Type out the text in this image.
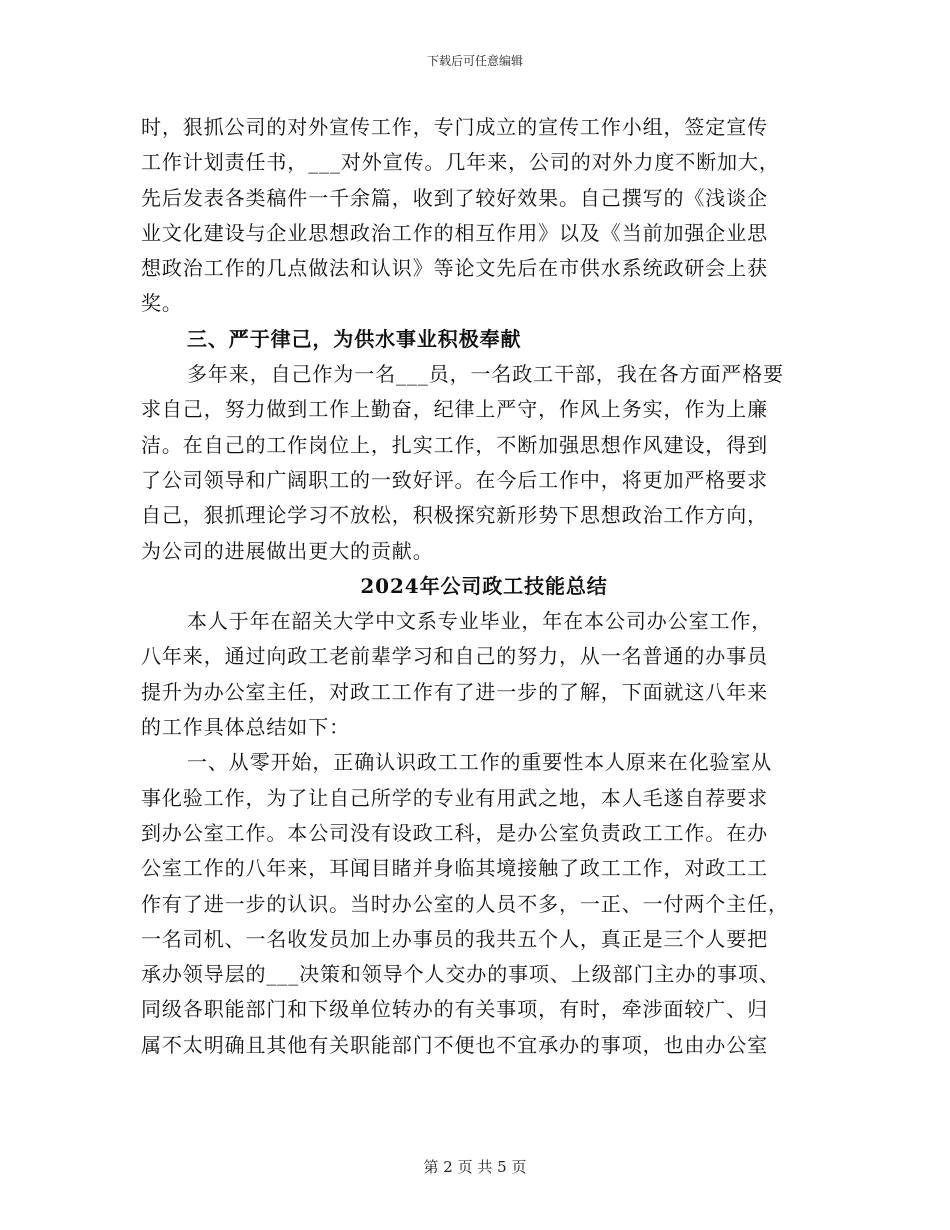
下载后可任意编辑
时，狠抓公司的对外宣传工作，专门成立的宣传工作小组，签定宣传
工作计划责任书，___对外宣传。几年来，公司的对外力度不断加大，
先后发表各类稿件一千余篇，收到了较好效果。自己撰写的《浅谈企
业文化建设与企业思想政治工作的相互作用》以及《当前加强企业思
想政治工作的几点做法和认识》等论文先后在市供水系统政研会上获
奖。
三、严于律己，为供水事业积极奉献
多年来，自己作为一名___员，一名政工干部，我在各方面严格要
求自己，努力做到工作上勤奋，纪律上严守，作风上务实，作为上廉
洁。在自己的工作岗位上，扎实工作，不断加强思想作风建设，得到
了公司领导和广阔职工的一致好评。在今后工作中，将更加严格要求
自己，狠抓理论学习不放松，积极探究新形势下思想政治工作方向，
为公司的进展做出更大的贡献。
2024年公司政工技能总结
本人于年在韶关大学中文系专业毕业，年在本公司办公室工作，
八年来，通过向政工老前辈学习和自己的努力，从一名普通的办事员
提升为办公室主任，对政工工作有了进一步的了解，下面就这八年来
的工作具体总结如下：
一、从零开始，正确认识政工工作的重要性本人原来在化验室从
事化验工作，为了让自己所学的专业有用武之地，本人毛遂自荐要求
到办公室工作。本公司没有设政工科，是办公室负责政工工作。在办
公室工作的八年来，耳闻目睹并身临其境接触了政工工作，对政工工
作有了进一步的认识。当时办公室的人员不多，一正、一付两个主任，
一名司机、一名收发员加上办事员的我共五个人，真正是三个人要把
承办领导层的___决策和领导个人交办的事项、上级部门主办的事项、
同级各职能部门和下级单位转办的有关事项，有时，牵涉面较广、归
属不太明确且其他有关职能部门不便也不宜承办的事项，也由办公室
第 2 页 共 5 页
